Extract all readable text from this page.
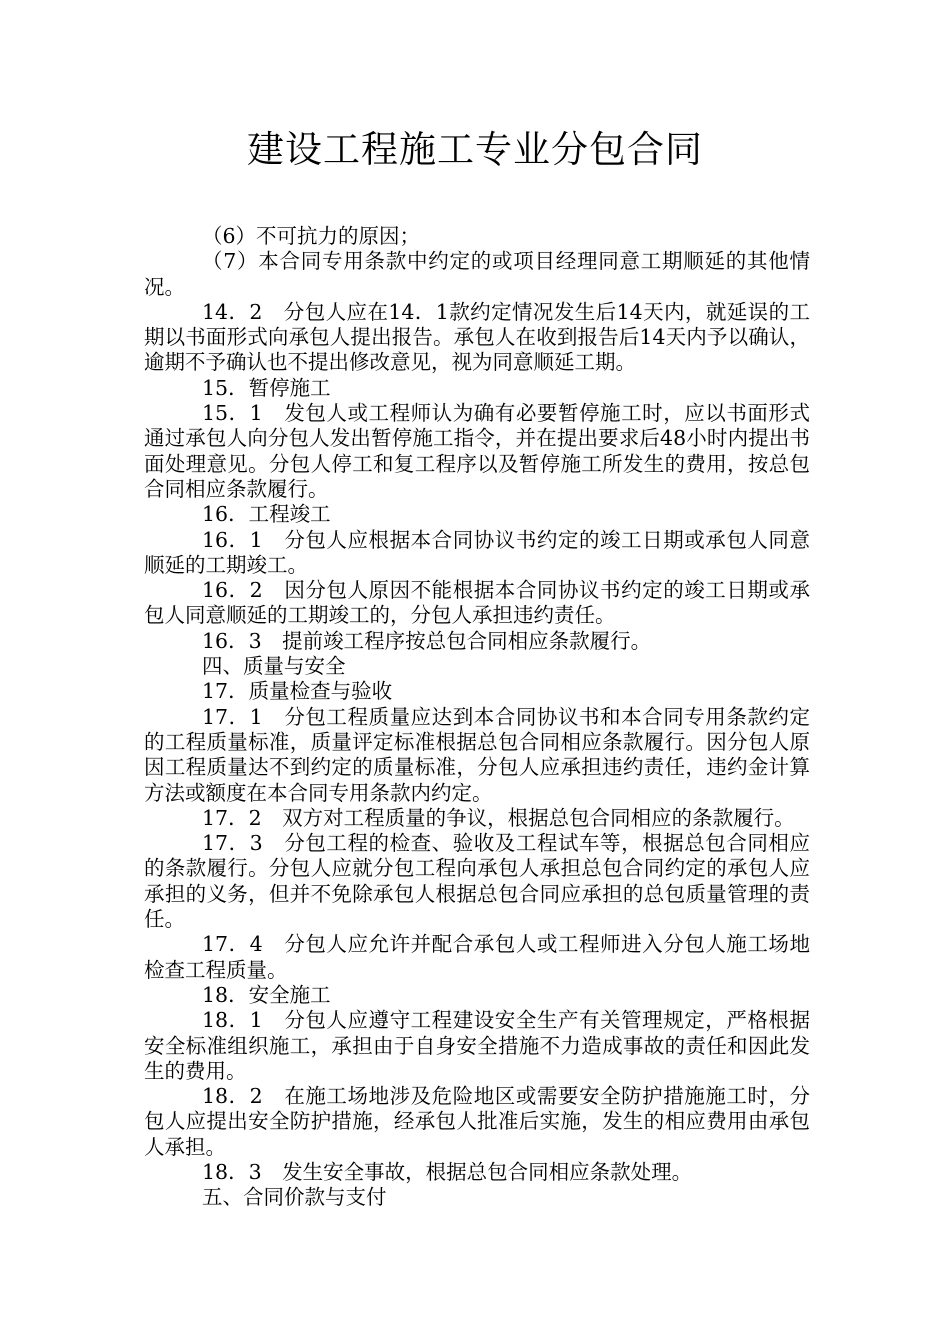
建设工程施工专业分包合同

（6）不可抗力的原因；

（7）本合同专用条款中约定的或项目经理同意工期顺延的其他情况。

14．2　分包人应在14．1款约定情况发生后14天内，就延误的工期以书面形式向承包人提出报告。承包人在收到报告后14天内予以确认，逾期不予确认也不提出修改意见，视为同意顺延工期。

15．暂停施工

15．1　发包人或工程师认为确有必要暂停施工时，应以书面形式通过承包人向分包人发出暂停施工指令，并在提出要求后48小时内提出书面处理意见。分包人停工和复工程序以及暂停施工所发生的费用，按总包合同相应条款履行。

16．工程竣工

16．1　分包人应根据本合同协议书约定的竣工日期或承包人同意顺延的工期竣工。

16．2　因分包人原因不能根据本合同协议书约定的竣工日期或承包人同意顺延的工期竣工的，分包人承担违约责任。

16．3　提前竣工程序按总包合同相应条款履行。

四、质量与安全

17．质量检查与验收

17．1　分包工程质量应达到本合同协议书和本合同专用条款约定的工程质量标准，质量评定标准根据总包合同相应条款履行。因分包人原因工程质量达不到约定的质量标准，分包人应承担违约责任，违约金计算方法或额度在本合同专用条款内约定。

17．2　双方对工程质量的争议，根据总包合同相应的条款履行。

17．3　分包工程的检查、验收及工程试车等，根据总包合同相应的条款履行。分包人应就分包工程向承包人承担总包合同约定的承包人应承担的义务，但并不免除承包人根据总包合同应承担的总包质量管理的责任。

17．4　分包人应允许并配合承包人或工程师进入分包人施工场地检查工程质量。

18．安全施工

18．1　分包人应遵守工程建设安全生产有关管理规定，严格根据安全标准组织施工，承担由于自身安全措施不力造成事故的责任和因此发生的费用。

18．2　在施工场地涉及危险地区或需要安全防护措施施工时，分包人应提出安全防护措施，经承包人批准后实施，发生的相应费用由承包人承担。

18．3　发生安全事故，根据总包合同相应条款处理。

五、合同价款与支付
